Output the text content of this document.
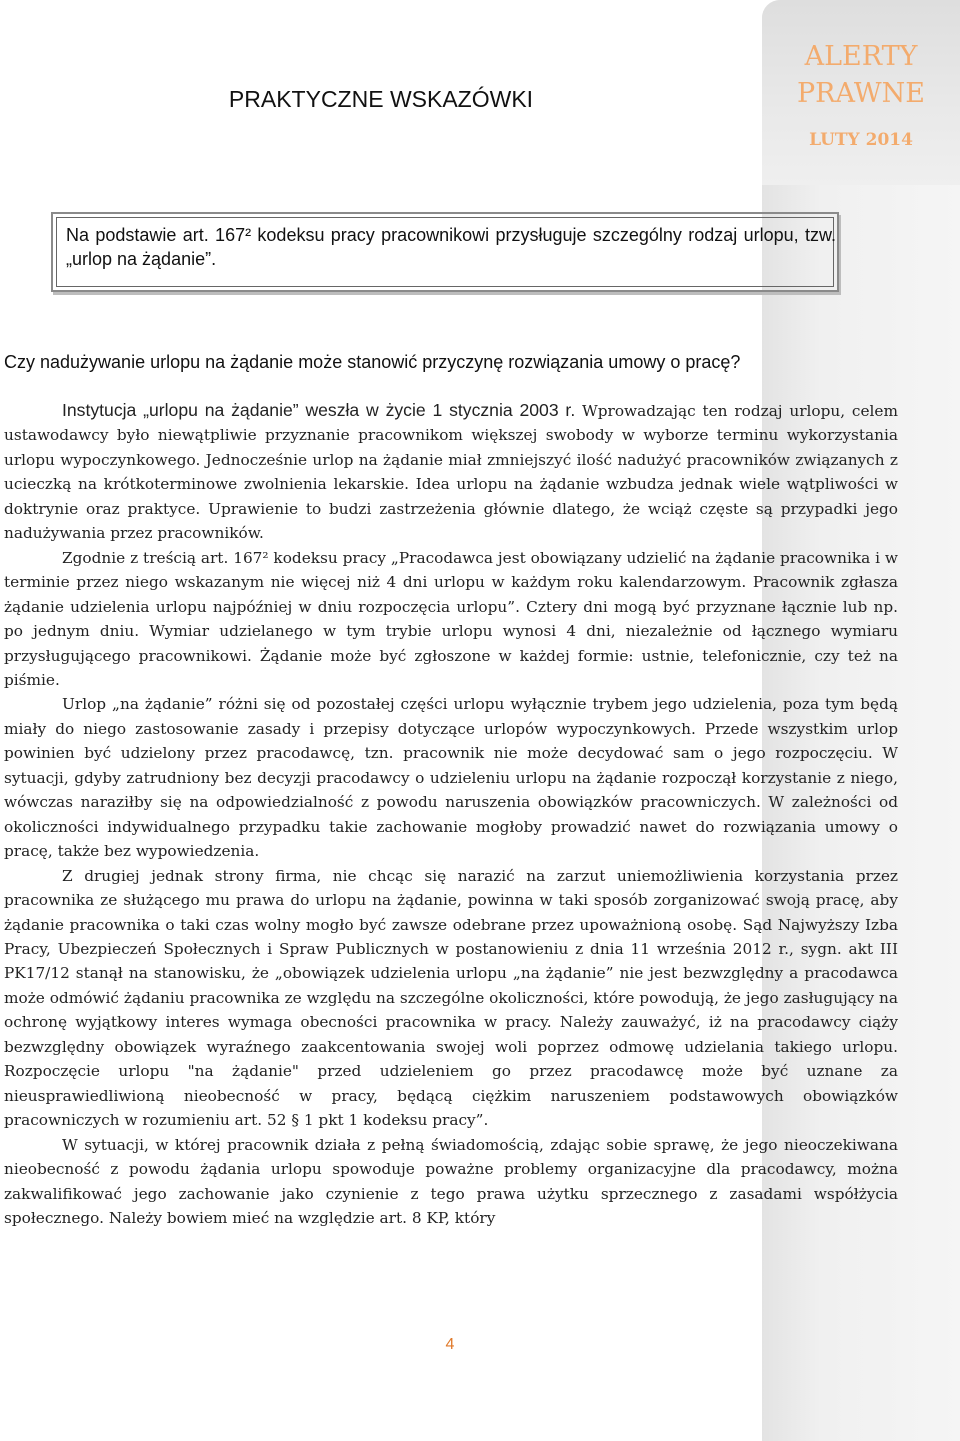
ALERTY
PRAWNE
LUTY 2014
PRAKTYCZNE WSKAZÓWKI

Na podstawie art. 167² kodeksu pracy pracownikowi przysługuje szczególny rodzaj urlopu, tzw. „urlop na żądanie”.

Czy nadużywanie urlopu na żądanie może stanowić przyczynę rozwiązania umowy o pracę?

Instytucja „urlopu na żądanie” weszła w życie 1 stycznia 2003 r. Wprowadzając ten rodzaj urlopu, celem ustawodawcy było niewątpliwie przyznanie pracownikom większej swobody w wyborze terminu wykorzystania urlopu wypoczynkowego. Jednocześnie urlop na żądanie miał zmniejszyć ilość nadużyć pracowników związanych z ucieczką na krótkoterminowe zwolnienia lekarskie. Idea urlopu na żądanie wzbudza jednak wiele wątpliwości w doktrynie oraz praktyce. Uprawienie to budzi zastrzeżenia głównie dlatego, że wciąż częste są przypadki jego nadużywania przez pracowników.

Zgodnie z treścią art. 167² kodeksu pracy „Pracodawca jest obowiązany udzielić na żądanie pracownika i w terminie przez niego wskazanym nie więcej niż 4 dni urlopu w każdym roku kalendarzowym. Pracownik zgłasza żądanie udzielenia urlopu najpóźniej w dniu rozpoczęcia urlopu”. Cztery dni mogą być przyznane łącznie lub np. po jednym dniu. Wymiar udzielanego w tym trybie urlopu wynosi 4 dni, niezależnie od łącznego wymiaru przysługującego pracownikowi. Żądanie może być zgłoszone w każdej formie: ustnie, telefonicznie, czy też na piśmie.

Urlop „na żądanie” różni się od pozostałej części urlopu wyłącznie trybem jego udzielenia, poza tym będą miały do niego zastosowanie zasady i przepisy dotyczące urlopów wypoczynkowych. Przede wszystkim urlop powinien być udzielony przez pracodawcę, tzn. pracownik nie może decydować sam o jego rozpoczęciu. W sytuacji, gdyby zatrudniony bez decyzji pracodawcy o udzieleniu urlopu na żądanie rozpoczął korzystanie z niego, wówczas naraziłby się na odpowiedzialność z powodu naruszenia obowiązków pracowniczych. W zależności od okoliczności indywidualnego przypadku takie zachowanie mogłoby prowadzić nawet do rozwiązania umowy o pracę, także bez wypowiedzenia.

Z drugiej jednak strony firma, nie chcąc się narazić na zarzut uniemożliwienia korzystania przez pracownika ze służącego mu prawa do urlopu na żądanie, powinna w taki sposób zorganizować swoją pracę, aby żądanie pracownika o taki czas wolny mogło być zawsze odebrane przez upoważnioną osobę. Sąd Najwyższy Izba Pracy, Ubezpieczeń Społecznych i Spraw Publicznych w postanowieniu z dnia 11 września 2012 r., sygn. akt III PK17/12 stanął na stanowisku, że „obowiązek udzielenia urlopu „na żądanie” nie jest bezwzględny a pracodawca może odmówić żądaniu pracownika ze względu na szczególne okoliczności, które powodują, że jego zasługujący na ochronę wyjątkowy interes wymaga obecności pracownika w pracy. Należy zauważyć, iż na pracodawcy ciąży bezwzględny obowiązek wyraźnego zaakcentowania swojej woli poprzez odmowę udzielania takiego urlopu. Rozpoczęcie urlopu "na żądanie" przed udzieleniem go przez pracodawcę może być uznane za nieusprawiedliwioną nieobecność w pracy, będącą ciężkim naruszeniem podstawowych obowiązków pracowniczych w rozumieniu art. 52 § 1 pkt 1 kodeksu pracy”.

W sytuacji, w której pracownik działa z pełną świadomością, zdając sobie sprawę, że jego nieoczekiwana nieobecność z powodu żądania urlopu spowoduje poważne problemy organizacyjne dla pracodawcy, można zakwalifikować jego zachowanie jako czynienie z tego prawa użytku sprzecznego z zasadami współżycia społecznego. Należy bowiem mieć na względzie art. 8 KP, który

4
